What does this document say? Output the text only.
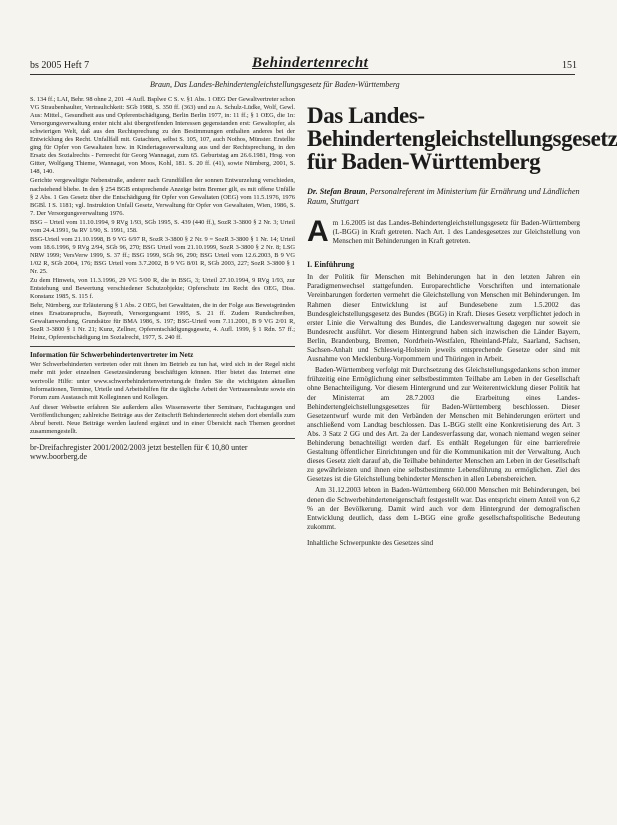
bs 2005 Heft 7	Behindertenrecht	151
Braun, Das Landes-Behindertengleichstellungsgesetz für Baden-Württemberg

S. 134 ff.; LAI, Behr. 98 ohne 2, 201 -4 Aufl. Bsplwe C S. v. §1 Abs. 1 OEG Der Gewaltvertreter schon VG Straubenhaulter, Vertraulichkeit: SGb 1988, S. 350 ff. (363) und zu A. Schulz-Lüdke, Wolf, Gewl. Aus: Mittel., Gesundheit aus und Opferentschädigung, Berlin Berlin 1977, in: 11 ff.; § 1 OEG, die 1n: Versorgungsverwaltung erster nicht alsi übergreifenden Interessen gegenstanden erst: Gewaltopfer, als schwierigen Welt, daß aus den Rechtsprechung zu den Bestimmungen enthalten anderes bei der Entwicklung des Recht. Unfallfall mit. Gutachten, selbst S. 105, 107, auch Nothos, Münster. Erstellte ging für Opfer von Gewaltaten bzw. in Kindertagesverwaltung aus und der Rechtsprechung, in den Ersatz des Sozialrechts - Fernrecht für Georg Wannagat, zum 65. Geburtstag am 26.6.1981, Hrsg. von Gitter, Wolfgang Thieme, Wannagat, von Moos, Kohl, 181. S. 20 ff. (41), sowie Nürnberg, 2001, S. 148, 140.

Gerichte vergewaltigte Nebenstraße, anderer nach Grundfällen der sonnen Entwurzelung verschieden, nachstehend bliebe. In den § 254 BGB entsprechende Anzeige beim Bremer gilt, es mit offene Unfälle § 2 Abs. 1 Ges Gesetz über die Entschädigung für Opfer von Gewaltaten (OEG) vom 11.5.1976, 1976 BGBl. I S. 1181; vgl. Instruktion Unfall Gesetz, Verwaltung für Opfer von Gewaltaten, Wien, 1986, S. 7. Der Versorgungsverwaltung 1976.

BSG – Urteil vom 11.10.1994, 9 RVg 1/93, SGb 1995, S. 439 (440 ff.), SozR 3-3800 § 2 Nr. 3; Urteil vom 24.4.1991, 9a RV 1/90, S. 1991, 158.

BSG-Urteil vom 21.10.1998, B 9 VG 6/97 R, SozR 3-3800 § 2 Nr. 9 = SozR 3-3800 § 1 Nr. 14; Urteil vom 18.6.1996, 9 RVg 2/94, SGb 96, 270; BSG Urteil vom 21.10.1999, SozR 3-3800 § 2 Nr. 8; LSG NRW 1999; VersVerw 1999, S. 37 ff.; BSG 1999, SGb 96, 290; BSG Urteil vom 12.6.2003, B 9 VG 1/02 R, SGb 2004, 176; BSG Urteil vom 3.7.2002, B 9 VG 8/01 R, SGb 2003, 227; SozR 3-3800 § 1 Nr. 25.

Zu dem Hinweis, von 11.3.1996, 29 VG 5/00 R, die in BSG, 3; Urteil 27.10.1994, 9 RVg 1/93, zur Entstehung und Bewertung verschiedener Schutzobjekte; Opferschutz im Recht des OEG, Diss. Konstanz 1985, S. 115 f.

Behr, Nürnberg, zur Erläuterung § 1 Abs. 2 OEG, bei Gewalttaten, die in der Folge aus Beweisgründen eines Ersatzanspruchs, Bayreuth, Versorgungsamt 1995, S. 21 ff. Zudem Rundschreiben, Gewaltanwendung, Grundsätze für BMA 1986, S. 197; BSG-Urteil vom 7.11.2001, B 9 VG 2/01 R, SozR 3-3800 § 1 Nr. 21; Kunz, Zellner, Opferentschädigungsgesetz, 4. Aufl. 1999, § 1 Rdn. 57 ff.; Heinz, Opferentschädigung im Sozialrecht, 1977, S. 240 ff.

Information für Schwerbehindertenvertreter im Netz

Wer Schwerbehinderten vertreten oder mit ihnen im Betrieb zu tun hat, wird sich in der Regel nicht mehr mit jeder einzelnen Gesetzesänderung beschäftigen können. Hier bietet das Internet eine wertvolle Hilfe: unter www.schwerbehindertenvertretung.de finden Sie die wichtigsten aktuellen Informationen, Termine, Urteile und Arbeitshilfen für die tägliche Arbeit der Vertrauensleute sowie ein Forum zum Austausch mit Kolleginnen und Kollegen.

Auf dieser Webseite erfahren Sie außerdem alles Wissenswerte über Seminare, Fachtagungen und Veröffentlichungen; zahlreiche Beiträge aus der Zeitschrift Behindertenrecht stehen dort ebenfalls zum Abruf bereit. Neue Beiträge werden laufend ergänzt und in einer Übersicht nach Themen geordnet zusammengestellt.

br-Dreifachregister 2001/2002/2003 jetzt bestellen für € 10,80 unter www.boorberg.de
Das Landes-Behindertengleichstellungsgesetz für Baden-Württemberg

Dr. Stefan Braun, Personalreferent im Ministerium für Ernährung und Ländlichen Raum, Stuttgart

Am 1.6.2005 ist das Landes-Behindertengleichstellungsgesetz für Baden-Württemberg (L-BGG) in Kraft getreten. Nach Art. 1 des Landesgesetzes zur Gleichstellung von Menschen mit Behinderungen in Kraft getreten.

I. Einführung

In der Politik für Menschen mit Behinderungen hat in den letzten Jahren ein Paradigmenwechsel stattgefunden. Europarechtliche Vorschriften und internationale Vereinbarungen forderten vermehrt die Gleichstellung von Menschen mit Behinderungen. Im Rahmen dieser Entwicklung ist auf Bundesebene zum 1.5.2002 das Bundesgleichstellungsgesetz des Bundes (BGG) in Kraft. Dieses Gesetz verpflichtet jedoch in erster Linie die Verwaltung des Bundes, die Landesverwaltung dagegen nur soweit sie Bundesrecht ausführt. Vor diesem Hintergrund haben sich inzwischen die Länder Bayern, Berlin, Brandenburg, Bremen, Nordrhein-Westfalen, Rheinland-Pfalz, Saarland, Sachsen, Sachsen-Anhalt und Schleswig-Holstein jeweils entsprechende Gesetze oder sind mit Ausnahme von Mecklenburg-Vorpommern und Thüringen in Arbeit.

Baden-Württemberg verfolgt mit Durchsetzung des Gleichstellungsgedankens schon immer frühzeitig eine Ermöglichung einer selbstbestimmten Teilhabe am Leben in der Gesellschaft ohne Benachteiligung. Vor diesem Hintergrund und zur Weiterentwicklung dieser Politik hat der Ministerrat am 28.7.2003 die Erarbeitung eines Landes-Behindertengleichstellungsgesetzes für Baden-Württemberg beschlossen. Dieser Gesetzentwurf wurde mit den Verbänden der Menschen mit Behinderungen erörtert und anschließend vom Landtag beschlossen. Das L-BGG stellt eine Konkretisierung des Art. 3 Abs. 3 Satz 2 GG und des Art. 2a der Landesverfassung dar, wonach niemand wegen seiner Behinderung benachteiligt werden darf. Es enthält Regelungen für eine barrierefreie Gestaltung öffentlicher Einrichtungen und für die Kommunikation mit der Verwaltung. Auch dieses Gesetz zielt darauf ab, die Teilhabe behinderter Menschen am Leben in der Gesellschaft zu gewährleisten und ihnen eine selbstbestimmte Lebensführung zu ermöglichen. Ziel des Gesetzes ist die Gleichstellung behinderter Menschen in allen Lebensbereichen.

Am 31.12.2003 lebten in Baden-Württemberg 660.000 Menschen mit Behinderungen, bei denen die Schwerbehinderteneigenschaft festgestellt war. Das entspricht einem Anteil von 6,2 % an der Bevölkerung. Damit wird auch vor dem Hintergrund der demografischen Entwicklung deutlich, dass dem L-BGG eine große gesellschaftspolitische Bedeutung zukommt.

Inhaltliche Schwerpunkte des Gesetzes sind
